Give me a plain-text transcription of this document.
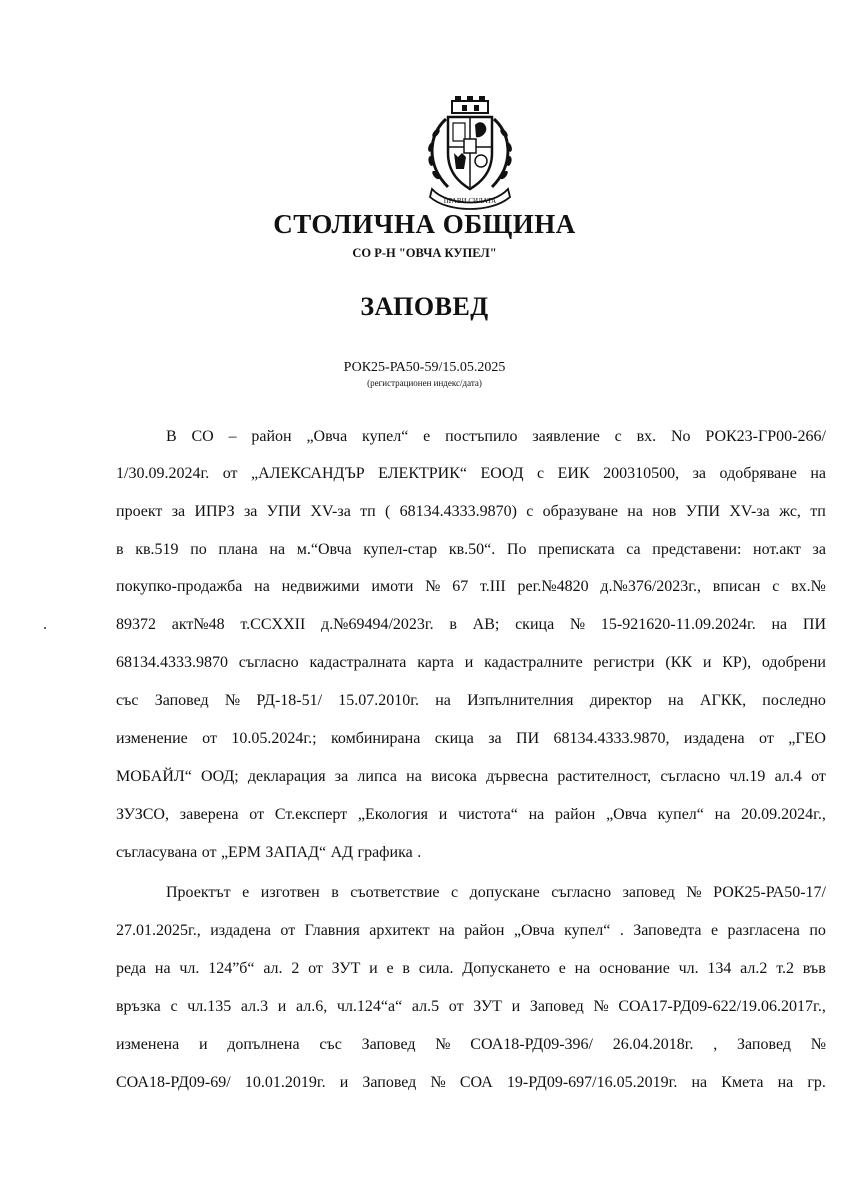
ПРАВИ СИЛАТА
СТОЛИЧНА ОБЩИНА
СО Р-Н "ОВЧА КУПЕЛ"
ЗАПОВЕД
РОК25-РА50-59/15.05.2025
(регистрационен индекс/дата)
В СО – район „Овча купел“ е постъпило заявление с вх. No РОК23-ГР00-266/
1/30.09.2024г. от „АЛЕКСАНДЪР ЕЛЕКТРИК“ ЕООД с ЕИК 200310500, за одобряване на
проект за ИПРЗ за УПИ XV-за тп ( 68134.4333.9870) с образуване на нов УПИ XV-за жс, тп
в кв.519 по плана на м.“Овча купел-стар кв.50“. По преписката са представени: нот.акт за
покупко-продажба на недвижими имоти № 67 т.III рег.№4820 д.№376/2023г., вписан с вх.№
89372 акт№48 т.CCXXII д.№69494/2023г. в АВ; скица № 15-921620-11.09.2024г. на ПИ
68134.4333.9870 съгласно кадастралната карта и кадастралните регистри (КК и КР), одобрени
със Заповед № РД-18-51/ 15.07.2010г. на Изпълнителния директор на АГКК, последно
изменение от 10.05.2024г.; комбинирана скица за ПИ 68134.4333.9870, издадена от „ГЕО
МОБАЙЛ“ ООД; декларация за липса на висока дървесна растителност, съгласно чл.19 ал.4 от
ЗУЗСО, заверена от Ст.експерт „Екология и чистота“ на район „Овча купел“ на 20.09.2024г.,
съгласувана от „ЕРМ ЗАПАД“ АД графика .
Проектът е изготвен в съответствие с допускане съгласно заповед № РОК25-РА50-17/
27.01.2025г., издадена от Главния архитект на район „Овча купел“ . Заповедта е разгласена по
реда на чл. 124”б“ ал. 2 от ЗУТ и е в сила. Допускането е на основание чл. 134 ал.2 т.2 във
връзка с чл.135 ал.3 и ал.6, чл.124“а“ ал.5 от ЗУТ и Заповед № СОА17-РД09-622/19.06.2017г.,
изменена и допълнена със Заповед № СОА18-РД09-396/ 26.04.2018г. , Заповед №
СОА18-РД09-69/ 10.01.2019г. и Заповед № СОА 19-РД09-697/16.05.2019г. на Кмета на гр.
